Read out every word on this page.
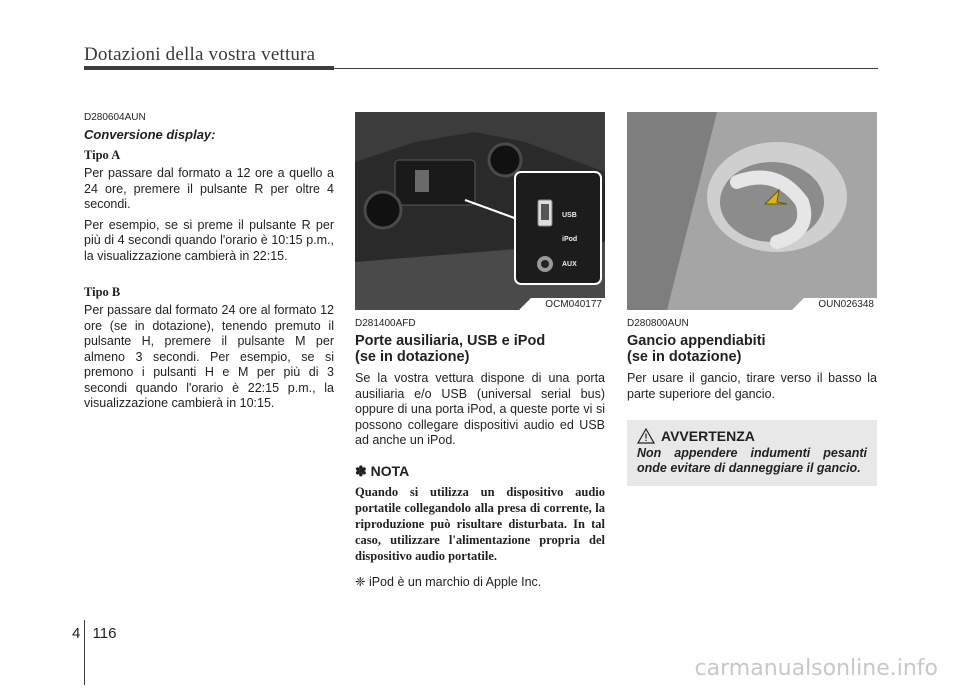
Dotazioni della vostra vettura
D280604AUN
Conversione display:
Tipo A

Per passare dal formato a 12 ore a quello a 24 ore, premere il pulsante R per oltre 4 secondi.

Per esempio, se si preme il pulsante R per più di 4 secondi quando l'orario è 10:15 p.m., la visualizzazione cambierà in 22:15.

Tipo B

Per passare dal formato 24 ore al formato 12 ore (se in dotazione), tenendo premuto il pulsante H, premere il pulsante M per almeno 3 secondi. Per esempio, se si premono i pulsanti H e M per più di 3 secondi quando l'orario è 22:15 p.m., la visualizzazione cambierà in 10:15.

USB
iPod
AUX
OCM040177
D281400AFD
Porte ausiliaria, USB e iPod
(se in dotazione)

Se la vostra vettura dispone di una porta ausiliaria e/o USB (universal serial bus) oppure di una porta iPod, a queste porte vi si possono collegare dispositivi audio ed USB ad anche un iPod.

✽ NOTA

Quando si utilizza un dispositivo audio portatile collegandolo alla presa di corrente, la riproduzione può risultare disturbata. In tal caso, utilizzare l'alimentazione propria del dispositivo audio portatile.

❈ iPod è un marchio di Apple Inc.
OUN026348
D280800AUN
Gancio appendiabiti
(se in dotazione)

Per usare il gancio, tirare verso il basso la parte superiore del gancio.

AVVERTENZA
Non appendere indumenti pesanti onde evitare di danneggiare il gancio.
4 116
carmanualsonline.info
